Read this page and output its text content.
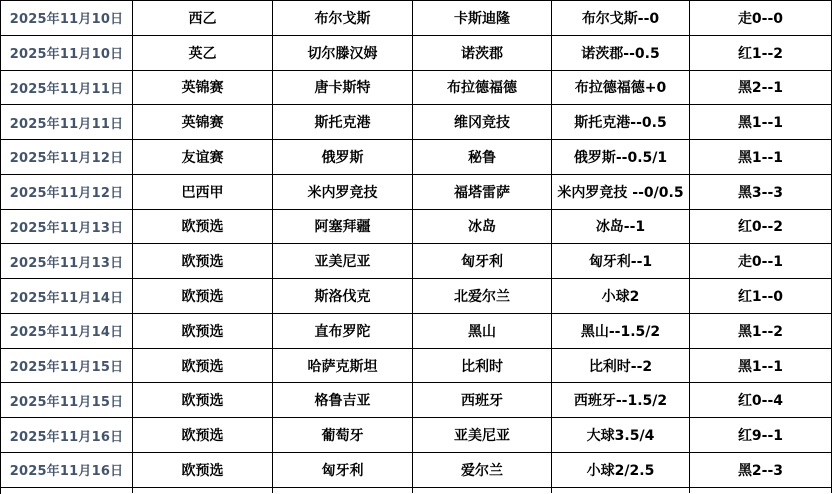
2025年11月10日	西乙	布尔戈斯	卡斯迪隆	布尔戈斯--0	走0--0
2025年11月10日	英乙	切尔滕汉姆	诺茨郡	诺茨郡--0.5	红1--2
2025年11月11日	英锦赛	唐卡斯特	布拉德福德	布拉德福德+0	黑2--1
2025年11月11日	英锦赛	斯托克港	维冈竞技	斯托克港--0.5	黑1--1
2025年11月12日	友谊赛	俄罗斯	秘鲁	俄罗斯--0.5/1	黑1--1
2025年11月12日	巴西甲	米内罗竞技	福塔雷萨	米内罗竞技 --0/0.5	黑3--3
2025年11月13日	欧预选	阿塞拜疆	冰岛	冰岛--1	红0--2
2025年11月13日	欧预选	亚美尼亚	匈牙利	匈牙利--1	走0--1
2025年11月14日	欧预选	斯洛伐克	北爱尔兰	小球2	红1--0
2025年11月14日	欧预选	直布罗陀	黑山	黑山--1.5/2	黑1--2
2025年11月15日	欧预选	哈萨克斯坦	比利时	比利时--2	黑1--1
2025年11月15日	欧预选	格鲁吉亚	西班牙	西班牙--1.5/2	红0--4
2025年11月16日	欧预选	葡萄牙	亚美尼亚	大球3.5/4	红9--1
2025年11月16日	欧预选	匈牙利	爱尔兰	小球2/2.5	黑2--3
